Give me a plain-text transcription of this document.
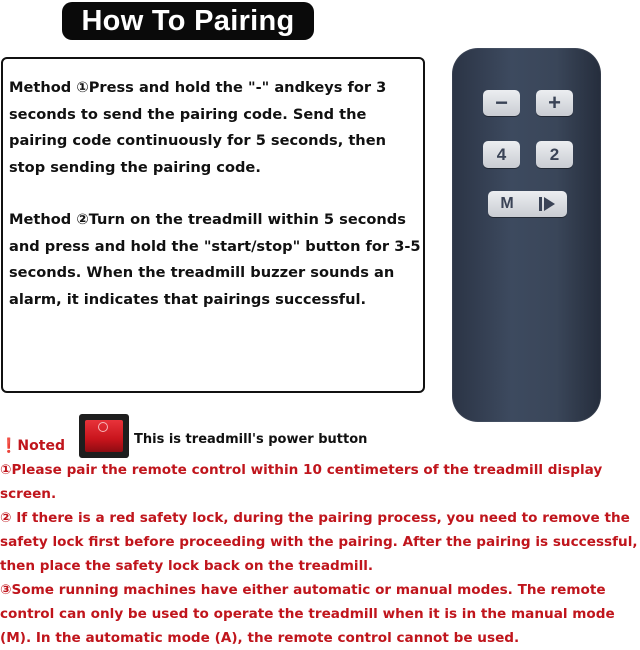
How To Pairing

Method ①Press and hold the "-" andkeys for 3 seconds to send the pairing code. Send the pairing code continuously for 5 seconds, then stop sending the pairing code.

Method ②Turn on the treadmill within 5 seconds and press and hold the "start/stop" button for 3-5 seconds. When the treadmill buzzer sounds an alarm, it indicates that pairings successful.

− +
4	2
M
❗Noted	This is treadmill's power button

①Please pair the remote control within 10 centimeters of the treadmill display screen.

② If there is a red safety lock, during the pairing process, you need to remove the safety lock first before proceeding with the pairing. After the pairing is successful, then place the safety lock back on the treadmill.

③Some running machines have either automatic or manual modes. The remote control can only be used to operate the treadmill when it is in the manual mode (M). In the automatic mode (A), the remote control cannot be used.
